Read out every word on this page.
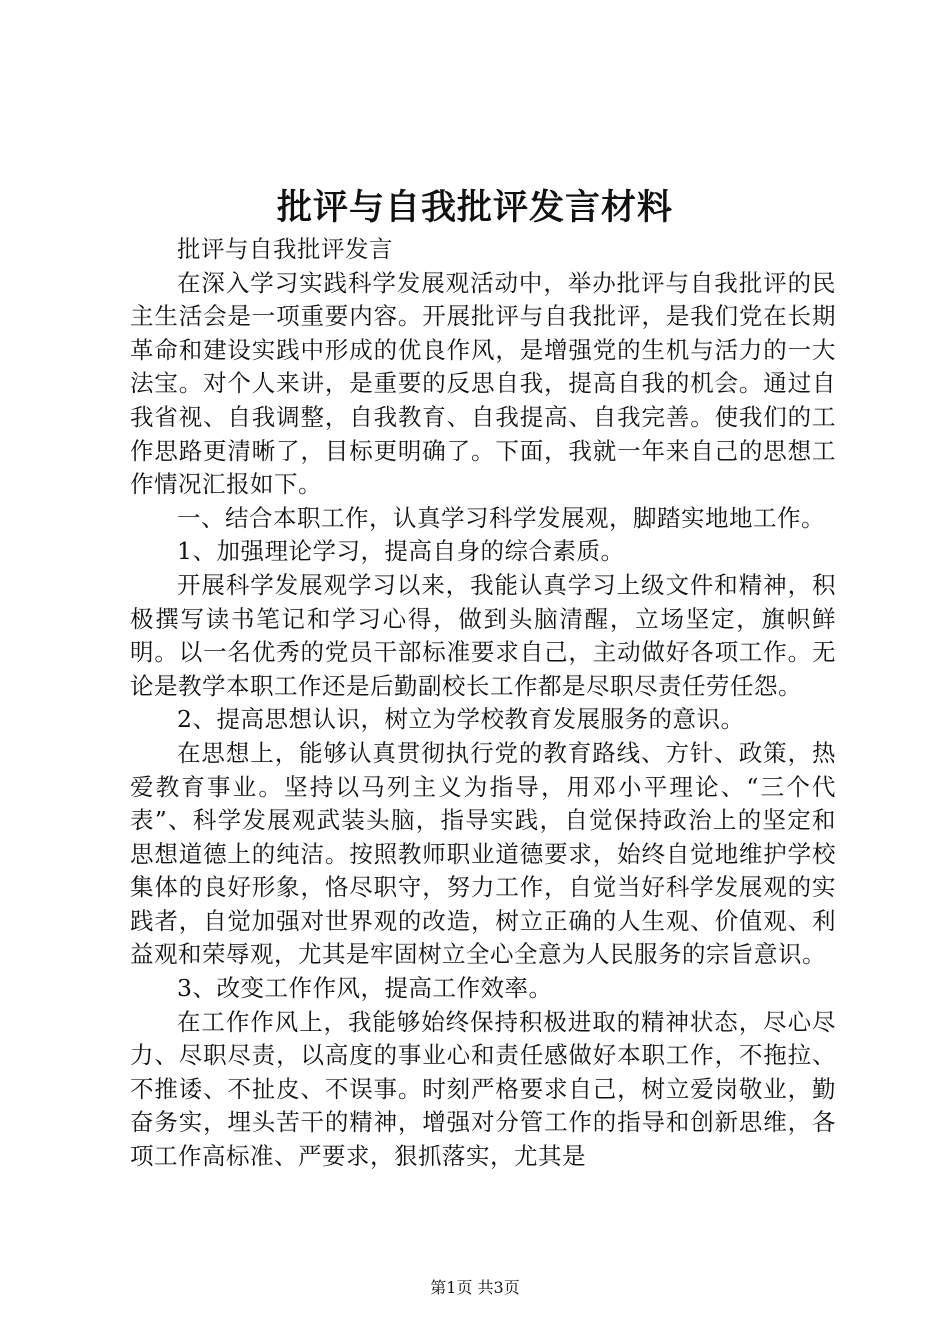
批评与自我批评发言材料

批评与自我批评发言

在深入学习实践科学发展观活动中，举办批评与自我批评的民主生活会是一项重要内容。开展批评与自我批评，是我们党在长期革命和建设实践中形成的优良作风，是增强党的生机与活力的一大法宝。对个人来讲，是重要的反思自我，提高自我的机会。通过自我省视、自我调整，自我教育、自我提高、自我完善。使我们的工作思路更清晰了，目标更明确了。下面，我就一年来自己的思想工作情况汇报如下。

一、结合本职工作，认真学习科学发展观，脚踏实地地工作。

1、加强理论学习，提高自身的综合素质。

开展科学发展观学习以来，我能认真学习上级文件和精神，积极撰写读书笔记和学习心得，做到头脑清醒，立场坚定，旗帜鲜明。以一名优秀的党员干部标准要求自己，主动做好各项工作。无论是教学本职工作还是后勤副校长工作都是尽职尽责任劳任怨。

2、提高思想认识，树立为学校教育发展服务的意识。

在思想上，能够认真贯彻执行党的教育路线、方针、政策，热爱教育事业。坚持以马列主义为指导，用邓小平理论、“三个代表”、科学发展观武装头脑，指导实践，自觉保持政治上的坚定和思想道德上的纯洁。按照教师职业道德要求，始终自觉地维护学校集体的良好形象，恪尽职守，努力工作，自觉当好科学发展观的实践者，自觉加强对世界观的改造，树立正确的人生观、价值观、利益观和荣辱观，尤其是牢固树立全心全意为人民服务的宗旨意识。

3、改变工作作风，提高工作效率。

在工作作风上，我能够始终保持积极进取的精神状态，尽心尽力、尽职尽责，以高度的事业心和责任感做好本职工作，不拖拉、不推诿、不扯皮、不误事。时刻严格要求自己，树立爱岗敬业，勤奋务实，埋头苦干的精神，增强对分管工作的指导和创新思维，各项工作高标准、严要求，狠抓落实，尤其是

第1页 共3页
